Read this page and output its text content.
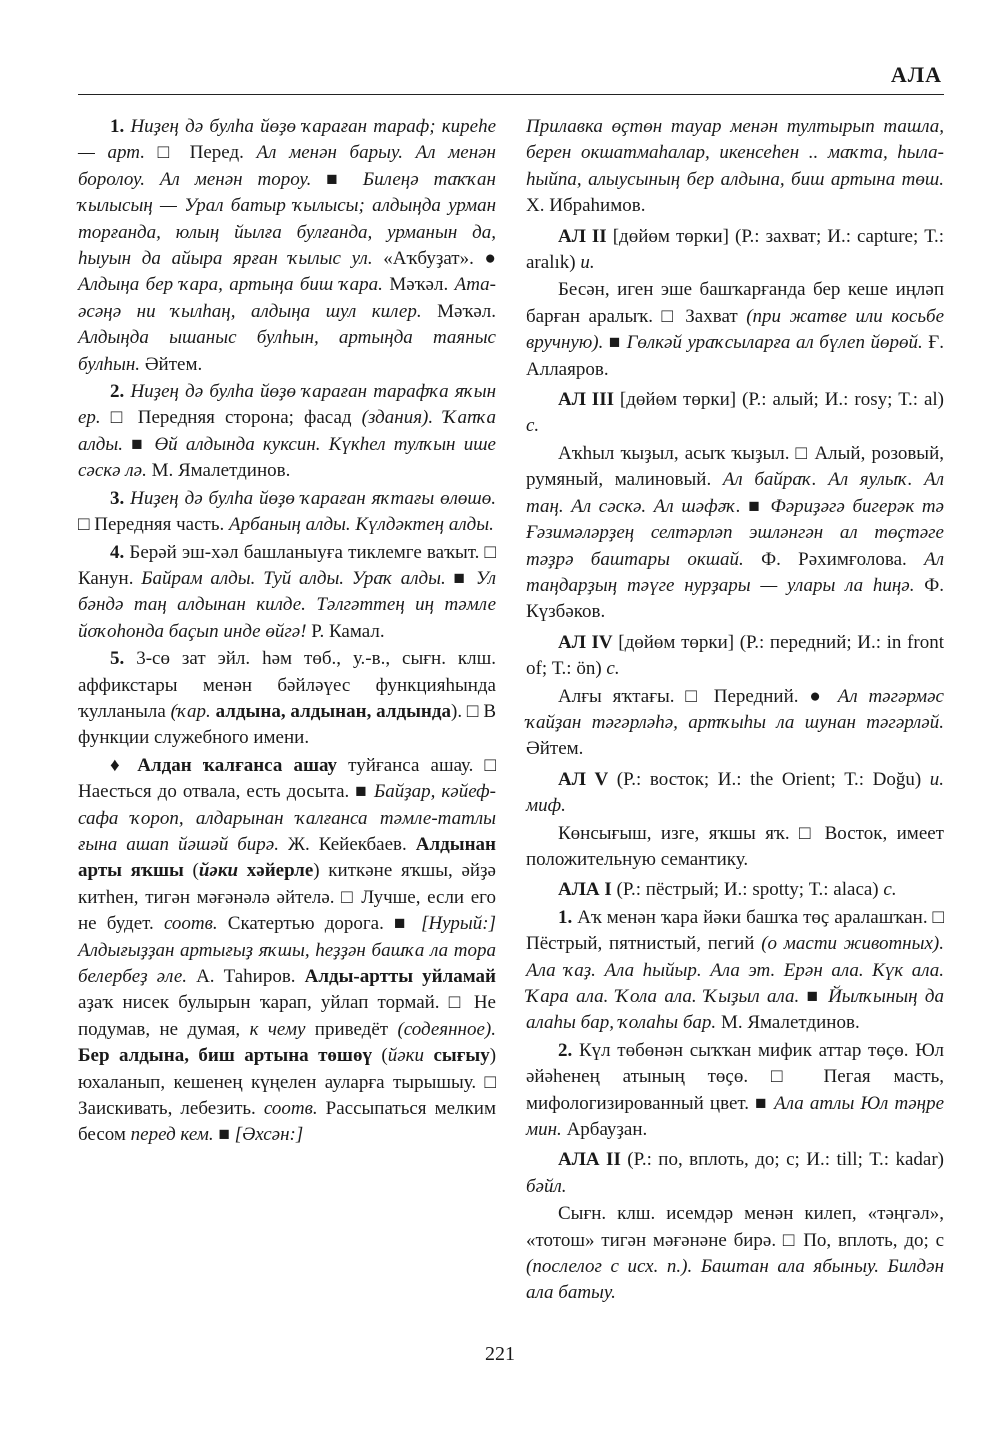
АЛА

1. Ниҙең дә булһа йөҙө ҡараған тараф; киреһе — арт. □ Перед. Ал менән барыу. Ал менән боролоу. Ал менән тороу. ■ Билеңә таҡҡан ҡылысың — Урал батыр ҡылысы; алдыңда урман торғанда, юлың йылға булғанда, урманын да, һыуын да айыра ярған ҡылыс ул. «Аҡбуҙат». ● Алдыңа бер ҡара, артыңа биш ҡара. Мәҡәл. Ата-әсәңә ни ҡылһаң, алдыңа шул килер. Мәҡәл. Алдыңда ышаныс булһын, артыңда таяныс булһын. Әйтем.

2. Ниҙең дә булһа йөҙө ҡараған тарафҡа яҡын ер. □ Передняя сторона; фасад (здания). Ҡапҡа алды. ■ Өй алдында куксин. Күкһел тулҡын ише сәскә лә. М. Ямалетдинов.

3. Ниҙең дә булһа йөҙө ҡараған яҡтағы өлөшө. □ Передняя часть. Арбаның алды. Күлдәктең алды.

4. Берәй эш-хәл башланыуға тиклемге ваҡыт. □ Канун. Байрам алды. Туй алды. Ураҡ алды. ■ Ул бәндә таң алдынан килде. Тәлгәттең иң тәмле йоҡоһонда баҫып инде өйгә! Р. Камал.

5. 3-сө зат эйл. һәм төб., у.-в., сығн. клш. аффикстары менән бәйләүес функцияһында ҡулланыла (ҡар. алдына, алдынан, алдында). □ В функции служебного имени.

♦ Алдан ҡалғанса ашау туйғанса ашау. □ Наесться до отвала, есть досыта. ■ Байҙар, кәйеф-сафа ҡороп, алдарынан ҡалғанса тәмле-татлы ғына ашап йәшәй бирә. Ж. Кейекбаев. Алдынан арты яҡшы (йәки хәйерле) киткәне яҡшы, әйҙә китһен, тигән мәғәнәлә әйтелә. □ Лучше, если его не будет. соотв. Скатертью дорога. ■ [Нурый:] Алдығыҙҙан артығыҙ яҡшы, һеҙҙән башҡа ла тора белербеҙ әле. А. Таһиров. Алды-артты уйламай аҙаҡ нисек булырын ҡарап, уйлап тормай. □ Не подумав, не думая, к чему приведёт (содеянное). Бер алдына, биш артына төшөү (йәки сығыу) юхаланып, кешенең күңелен ауларға тырышыу. □ Заискивать, лебезить. соотв. Рассыпаться мелким бесом перед кем. ■ [Әхсән:]

Прилавка өҫтөн тауар менән тултырып ташла, берен окшатмаһалар, икенсеһен .. маҡта, һыла-һыйпа, алыусының бер алдына, биш артына төш. Х. Ибраһимов.

АЛ II [дөйөм төрки] (Р.: захват; И.: capture; Т.: aralık) и.

Бесән, иген эше башҡарғанда бер кеше иңләп барған аралыҡ. □ Захват (при жатве или косьбе вручную). ■ Гөлкәй ураҡсыларға ал бүлеп йөрөй. Ғ. Аллаяров.

АЛ III [дөйөм төрки] (Р.: алый; И.: rosy; Т.: al) с.

Аҡһыл ҡыҙыл, асыҡ ҡыҙыл. □ Алый, розовый, румяный, малиновый. Ал байраҡ. Ал яулыҡ. Ал таң. Ал сәскә. Ал шәфәҡ. ■ Фәриҙәгә бигерәк тә Ғәзимәләрҙең селтәрләп эшләнгән ал төҫтәге тәҙрә баштары окшай. Ф. Рәхимғолова. Ал таңдарҙың тәүге нурҙары — улары ла һиңә. Ф. Күзбәков.

АЛ IV [дөйөм төрки] (Р.: передний; И.: in front of; Т.: ön) с.

Алғы яҡтағы. □ Передний. ● Ал тәгәрмәс ҡайҙан тәгәрләһә, артҡыһы ла шунан тәгәрләй. Әйтем.

АЛ V (Р.: восток; И.: the Orient; Т.: Doğu) и. миф.

Көнсығыш, изге, яҡшы яҡ. □ Восток, имеет положительную семантику.

АЛА I (Р.: пёстрый; И.: spotty; Т.: alaca) с.

1. Аҡ менән ҡара йәки башҡа төҫ аралашҡан. □ Пёстрый, пятнистый, пегий (о масти животных). Ала ҡаҙ. Ала һыйыр. Ала эт. Ерән ала. Күк ала. Ҡара ала. Ҡола ала. Ҡыҙыл ала. ■ Йылҡының да алаһы бар, ҡолаһы бар. М. Ямалетдинов.

2. Күл төбөнән сыҡҡан мифик аттар төҫө. Юл әйәһенең атының төҫө. □ Пегая масть, мифологизированный цвет. ■ Ала атлы Юл тәңре мин. Арбауҙан.

АЛА II (Р.: по, вплоть, до; с; И.: till; Т.: kadar) бәйл.

Сығн. клш. исемдәр менән килеп, «тәңгәл», «тотош» тигән мәғәнәне бирә. □ По, вплоть, до; с (послелог с исх. п.). Баштан ала ябыныу. Билдән ала батыу.

221
